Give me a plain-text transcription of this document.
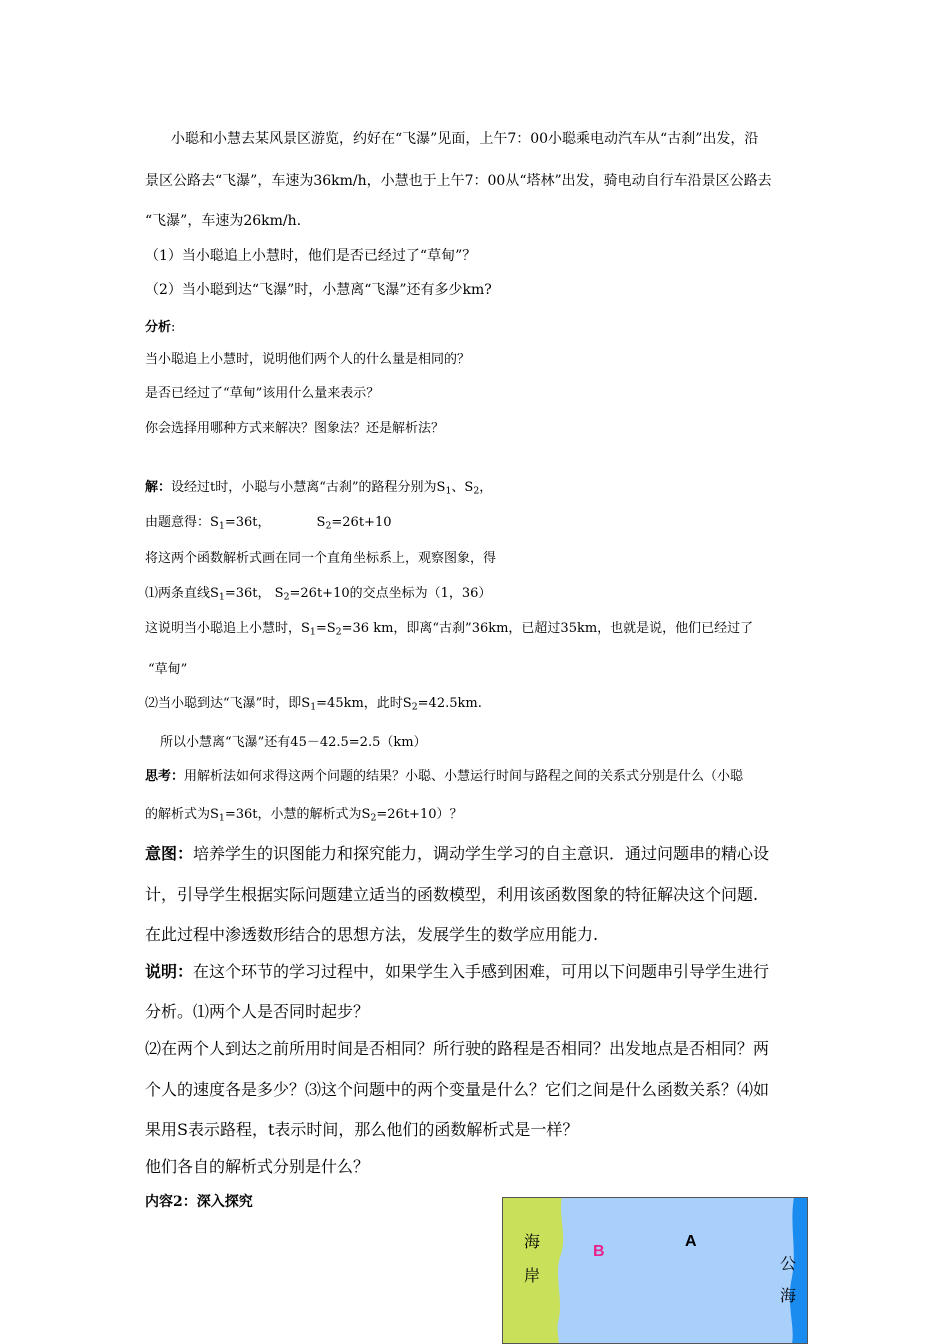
小聪和小慧去某风景区游览，约好在“飞瀑”见面，上午7：00小聪乘电动汽车从“古刹”出发，沿
景区公路去“飞瀑”，车速为36km/h，小慧也于上午7：00从“塔林”出发，骑电动自行车沿景区公路去
“飞瀑”，车速为26km/h.
（1）当小聪追上小慧时，他们是否已经过了“草甸”？
（2）当小聪到达“飞瀑”时，小慧离“飞瀑”还有多少km?
分析:
当小聪追上小慧时，说明他们两个人的什么量是相同的？
是否已经过了“草甸”该用什么量来表示？
你会选择用哪种方式来解决？图象法？还是解析法？
解：设经过t时，小聪与小慧离“古刹”的路程分别为$S_1$、$S_2$，
由题意得：$S_1=36t$，	$S_2=26t+10$
将这两个函数解析式画在同一个直角坐标系上，观察图象，得
⑴两条直线$S_1=36t$， $S_2=26t+10$的交点坐标为（1，36）
这说明当小聪追上小慧时，$S_1=S_2=36$ km，即离“古刹”36km，已超过35km，也就是说，他们已经过了
“草甸”
⑵当小聪到达“飞瀑”时，即$S_1=45km$，此时$S_2=42.5km$.
所以小慧离“飞瀑”还有45－42.5=2.5（km）
思考：用解析法如何求得这两个问题的结果？小聪、小慧运行时间与路程之间的关系式分别是什么（小聪
的解析式为$S_1=36t$，小慧的解析式为$S_2=26t+10$）？
意图：培养学生的识图能力和探究能力，调动学生学习的自主意识．通过问题串的精心设
计，引导学生根据实际问题建立适当的函数模型，利用该函数图象的特征解决这个问题.
在此过程中渗透数形结合的思想方法，发展学生的数学应用能力.
说明：在这个环节的学习过程中，如果学生入手感到困难，可用以下问题串引导学生进行
分析。⑴两个人是否同时起步？
⑵在两个人到达之前所用时间是否相同？所行驶的路程是否相同？出发地点是否相同？两
个人的速度各是多少？⑶这个问题中的两个变量是什么？它们之间是什么函数关系？⑷如
果用S表示路程，t表示时间，那么他们的函数解析式是一样？
他们各自的解析式分别是什么？
内容2：深入探究
海
岸
B
A
公
海
